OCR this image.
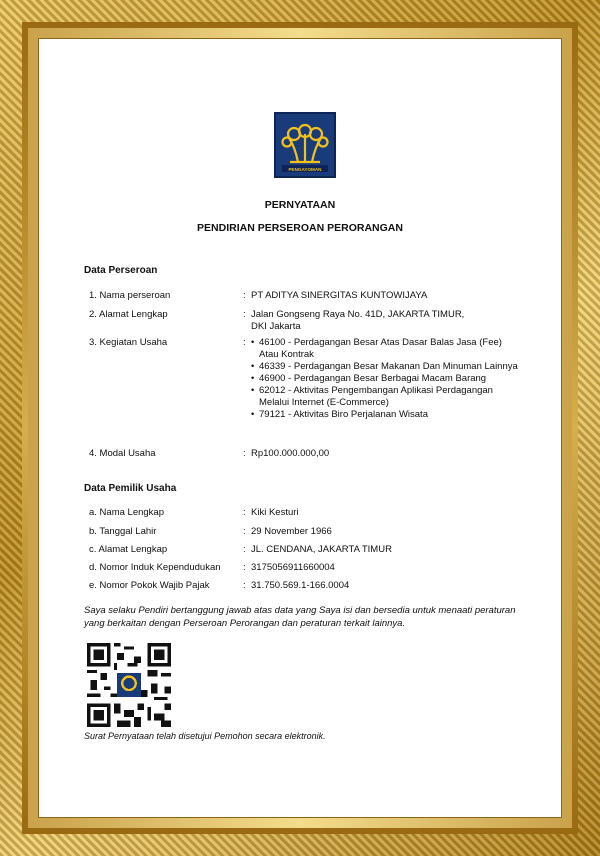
PENGAYOMAN
PERNYATAAN
PENDIRIAN PERSEROAN PERORANGAN
Data Perseroan
1. Nama perseroan	: PT ADITYA SINERGITAS KUNTOWIJAYA
2. Alamat Lengkap	: Jalan Gongseng Raya No. 41D, JAKARTA TIMUR,
DKI Jakarta
3. Kegiatan Usaha	:
•	46100 - Perdagangan Besar Atas Dasar Balas Jasa (Fee) Atau Kontrak
• 46339 - Perdagangan Besar Makanan Dan Minuman Lainnya
• 46900 - Perdagangan Besar Berbagai Macam Barang
• 62012 - Aktivitas Pengembangan Aplikasi Perdagangan Melalui Internet (E-Commerce)
• 79121 - Aktivitas Biro Perjalanan Wisata
4. Modal Usaha	: Rp100.000.000,00
Data Pemilik Usaha
a. Nama Lengkap	: Kiki Kesturi
b. Tanggal Lahir	: 29 November 1966
c. Alamat Lengkap	: JL. CENDANA, JAKARTA TIMUR
d. Nomor Induk Kependudukan	: 3175056911660004
e. Nomor Pokok Wajib Pajak	: 31.750.569.1-166.0004
Saya selaku Pendiri bertanggung jawab atas data yang Saya isi dan bersedia untuk menaati peraturan yang berkaitan dengan Perseroan Perorangan dan peraturan terkait lainnya.
Surat Pernyataan telah disetujui Pemohon secara elektronik.
